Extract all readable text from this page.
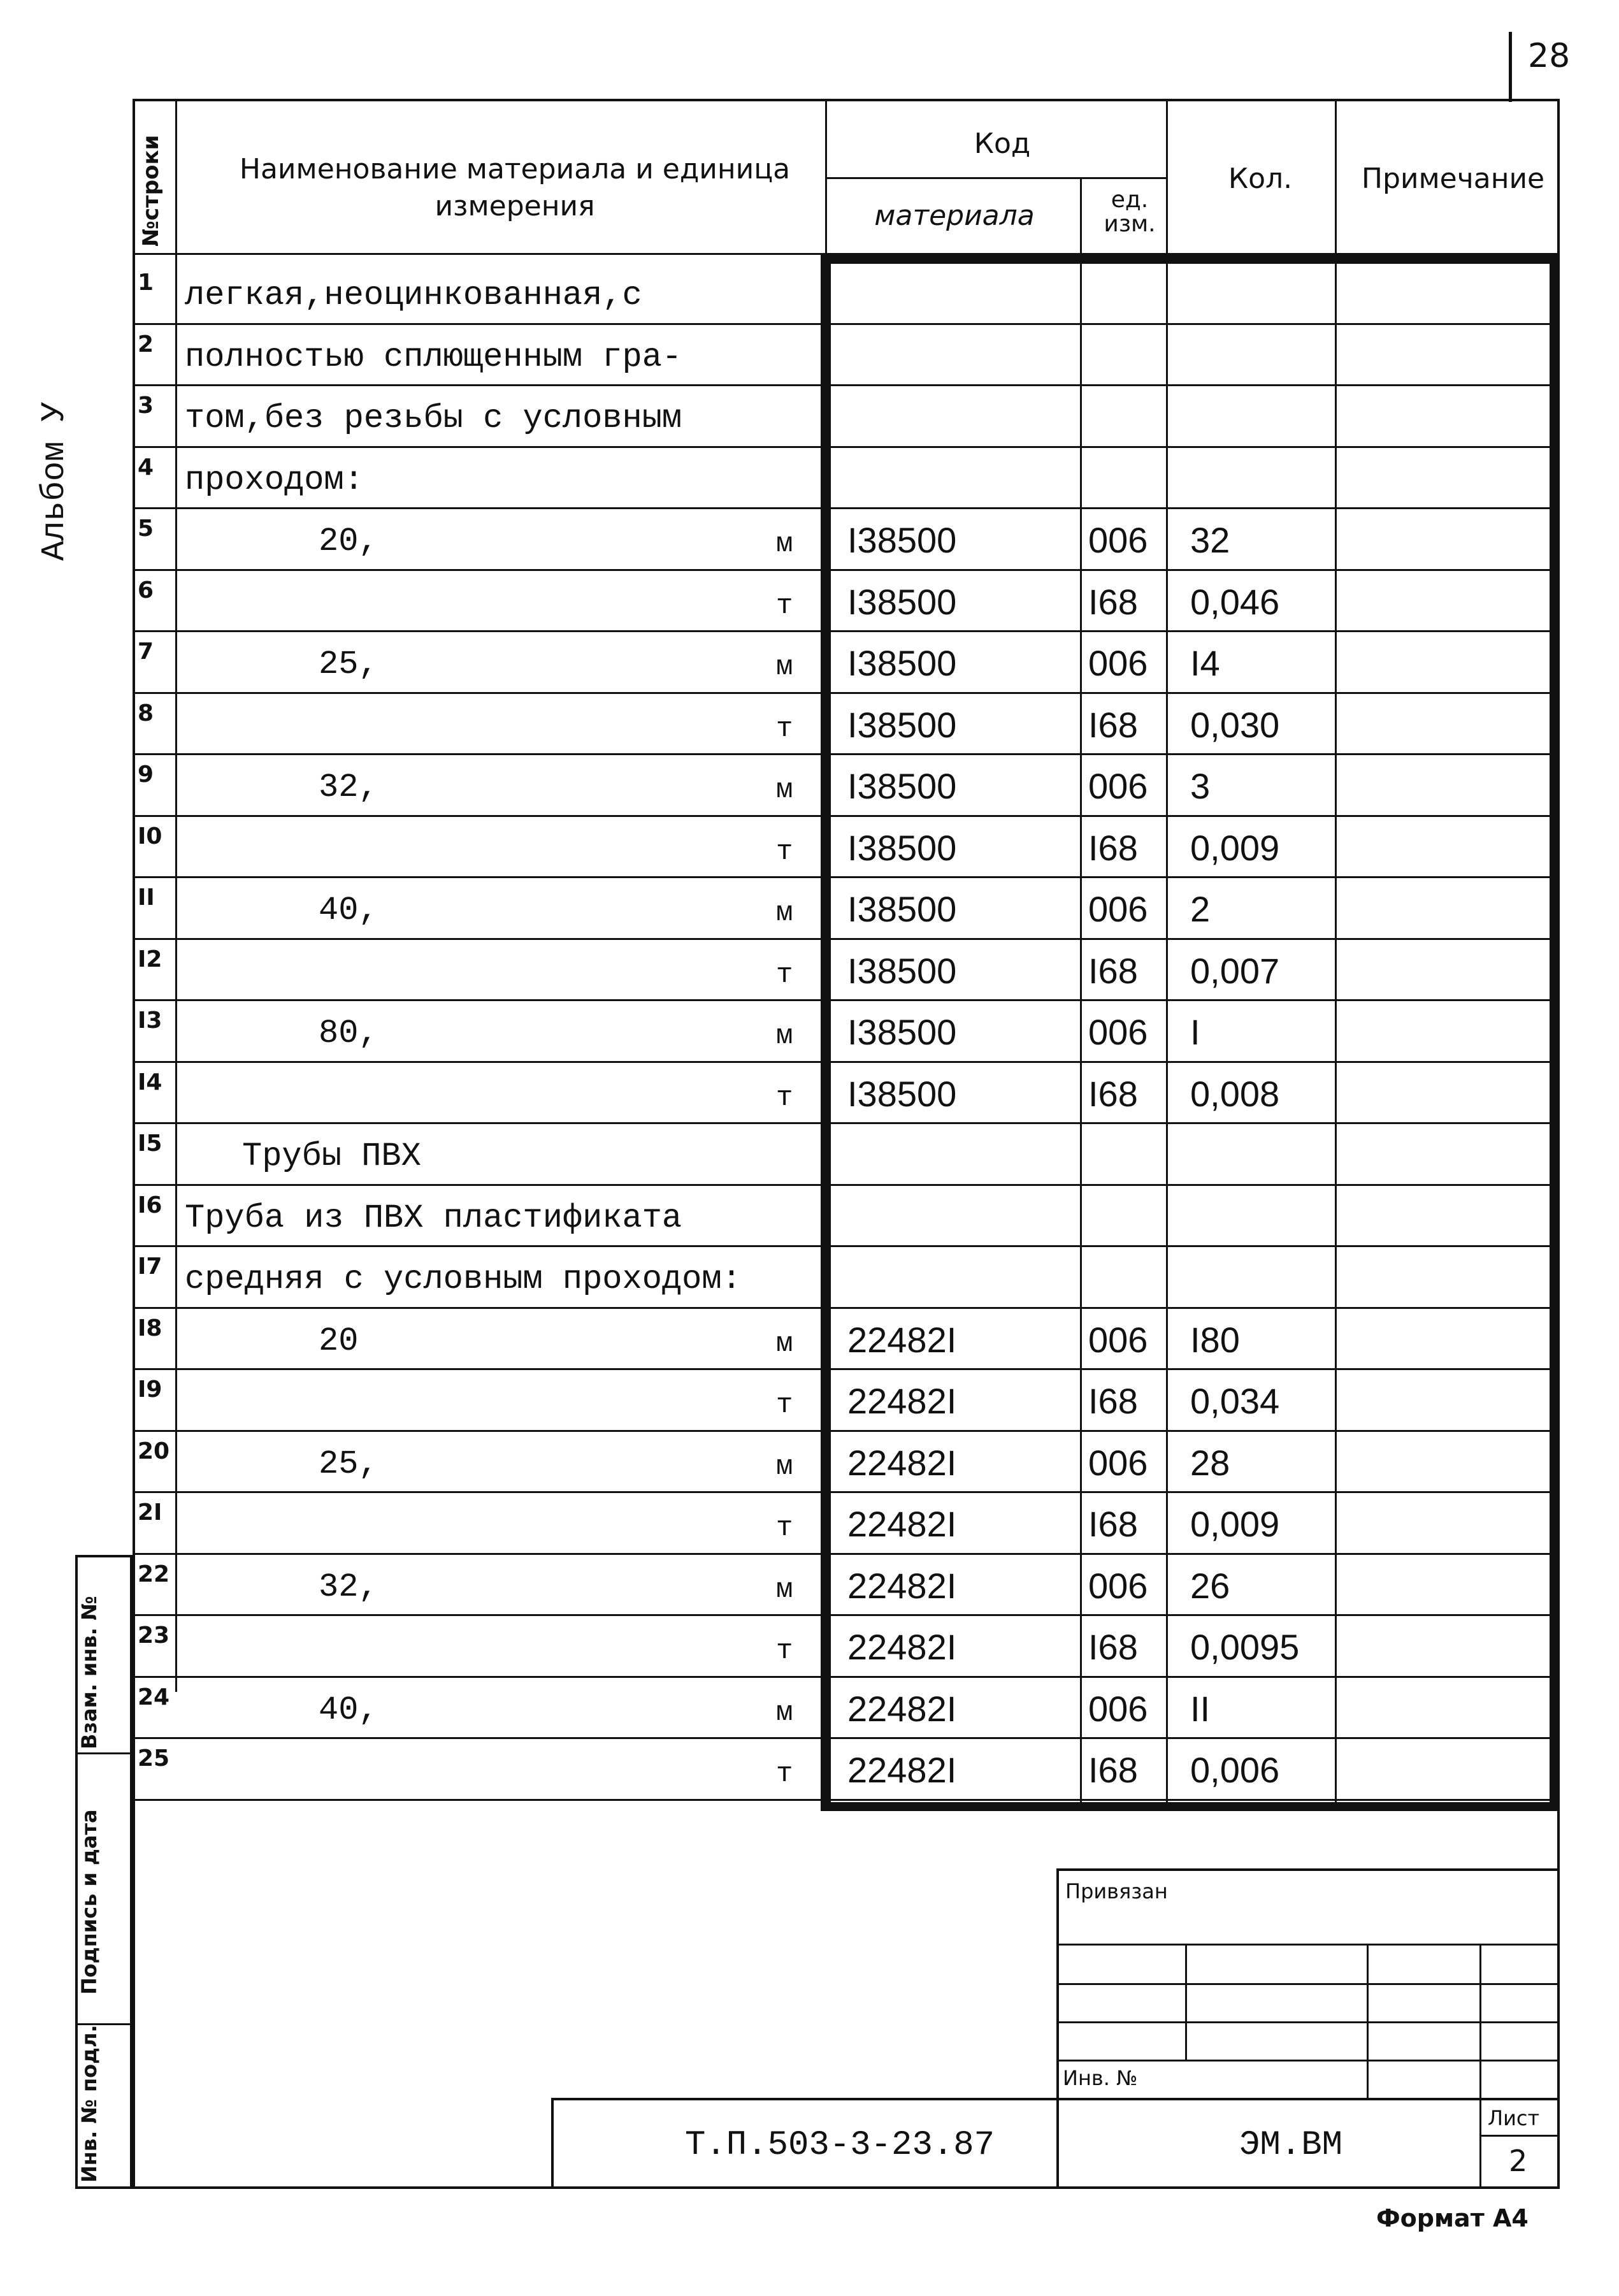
28
Альбом У
№строки	Наименование материала и единица измерения
Код
материала	ед. изм.
Кол.	Примечание
1 легкая,неоцинкованная,с
2 полностью сплющенным гра-
3 том,без резьбы с условным
4 проходом:
5	20,	м I38500	006 32
6	т I38500	I68 0,046
7	25,	м I38500	006 I4
8	т I38500	I68 0,030
9	32,	м I38500	006 3
I0	т I38500	I68 0,009
II	40,	м I38500	006 2
I2	т I38500	I68 0,007
I3	80,	м I38500	006 I
I4	т I38500	I68 0,008
I5 Трубы ПВХ
I6 Труба из ПВХ пластификата
I7 средняя с условным проходом:
I8	20	м 22482I	006 I80
I9	т 22482I	I68 0,034
20	25,	м 22482I	006 28
2I	т 22482I	I68 0,009
22	32,	м 22482I	006 26
23	т 22482I	I68 0,0095
24	40,	м 22482I	006 II
25	т 22482I	I68 0,006
Взам. инв. №
Подпись и дата
Инв. № подл.
Привязан
Инв. №
Т.П.503-3-23.87	ЭМ.ВМ
Лист
2
Формат А4
